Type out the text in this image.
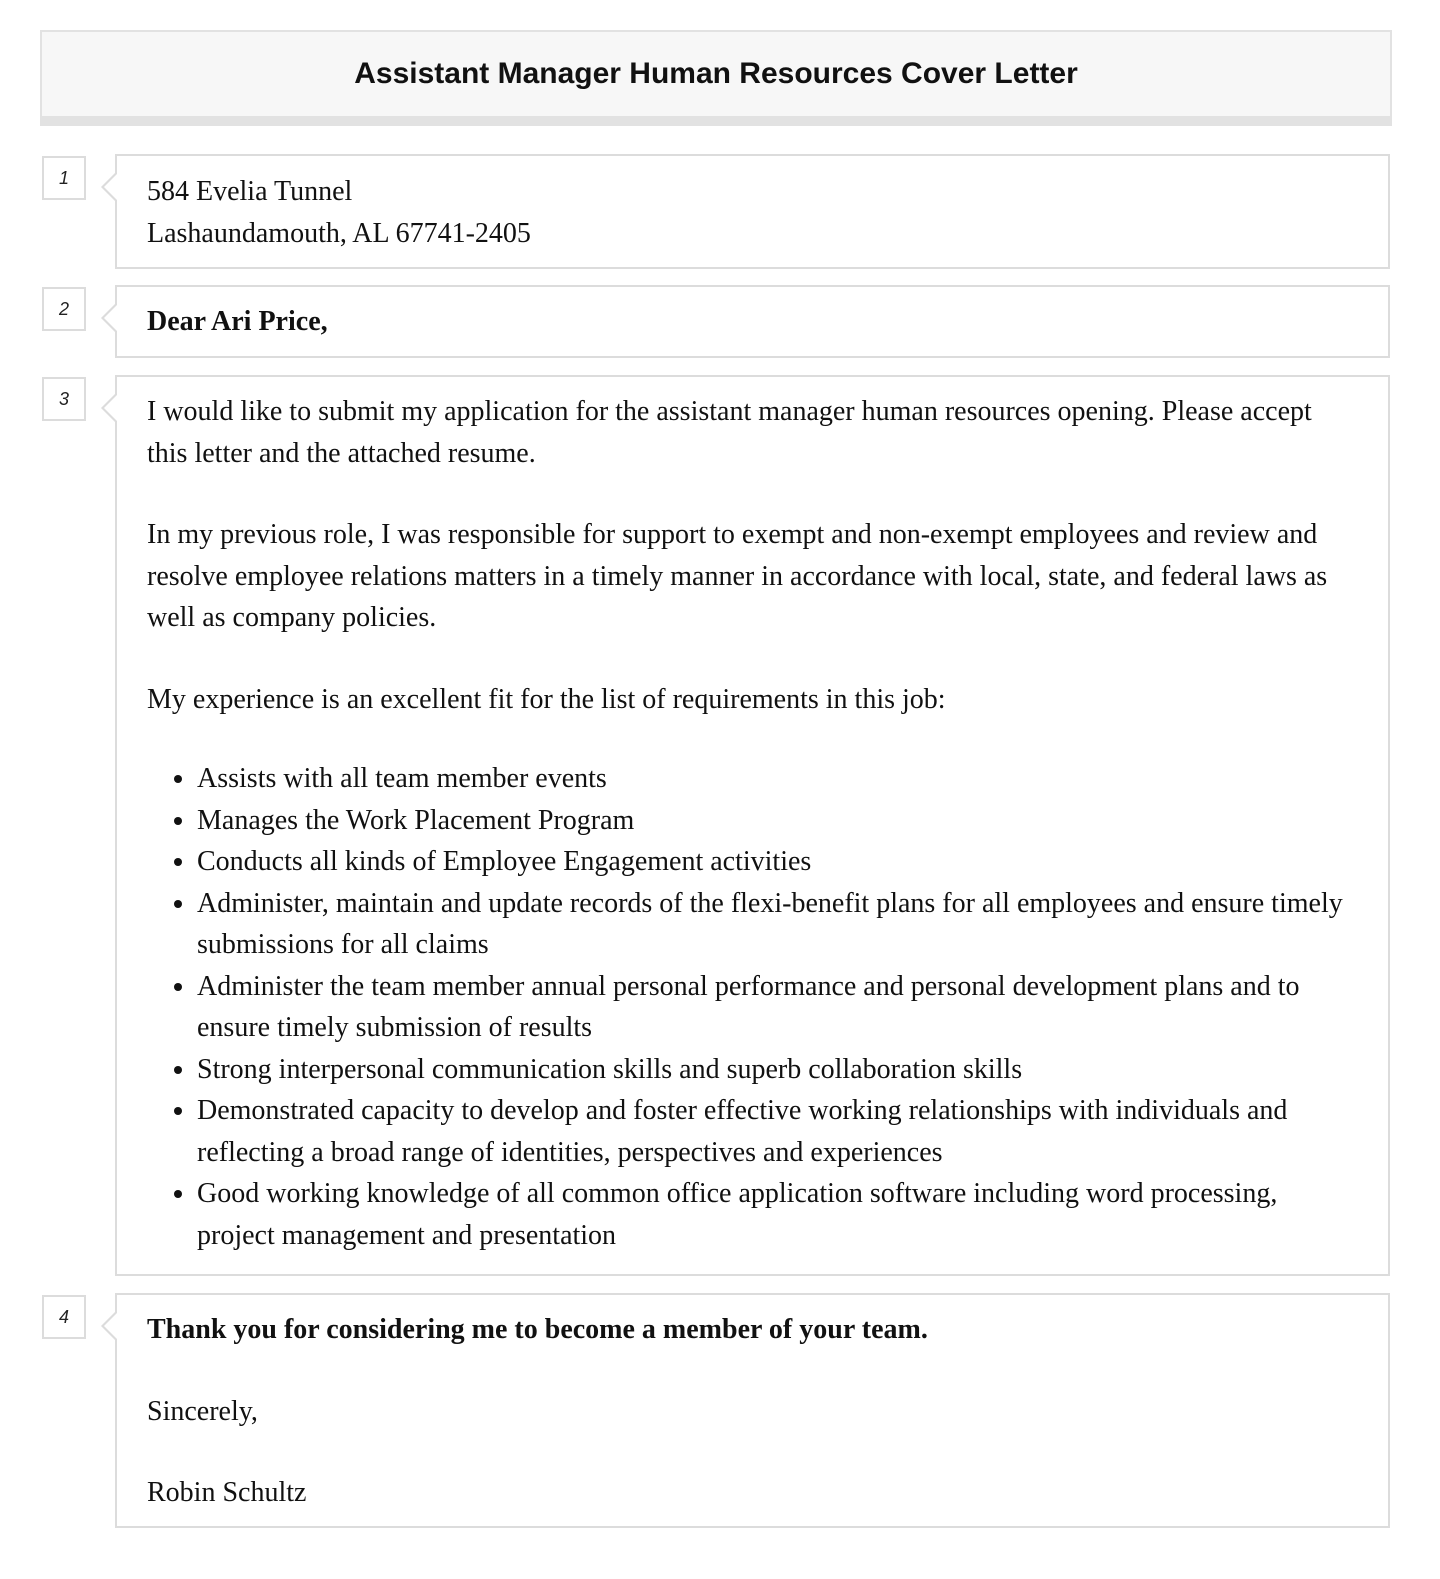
Assistant Manager Human Resources Cover Letter
1	584 Evelia Tunnel

Lashaundamouth, AL 67741-2405

2	Dear Ari Price,

3	I would like to submit my application for the assistant manager human resources opening. Please accept this letter and the attached resume.

In my previous role, I was responsible for support to exempt and non-exempt employees and review and resolve employee relations matters in a timely manner in accordance with local, state, and federal laws as well as company policies.

My experience is an excellent fit for the list of requirements in this job:

• Assists with all team member events
• Manages the Work Placement Program
• Conducts all kinds of Employee Engagement activities
• Administer, maintain and update records of the flexi-benefit plans for all employees and ensure timely submissions for all claims
• Administer the team member annual personal performance and personal development plans and to ensure timely submission of results
• Strong interpersonal communication skills and superb collaboration skills
• Demonstrated capacity to develop and foster effective working relationships with individuals and reflecting a broad range of identities, perspectives and experiences
• Good working knowledge of all common office application software including word processing, project management and presentation
4	Thank you for considering me to become a member of your team.

Sincerely,

Robin Schultz
